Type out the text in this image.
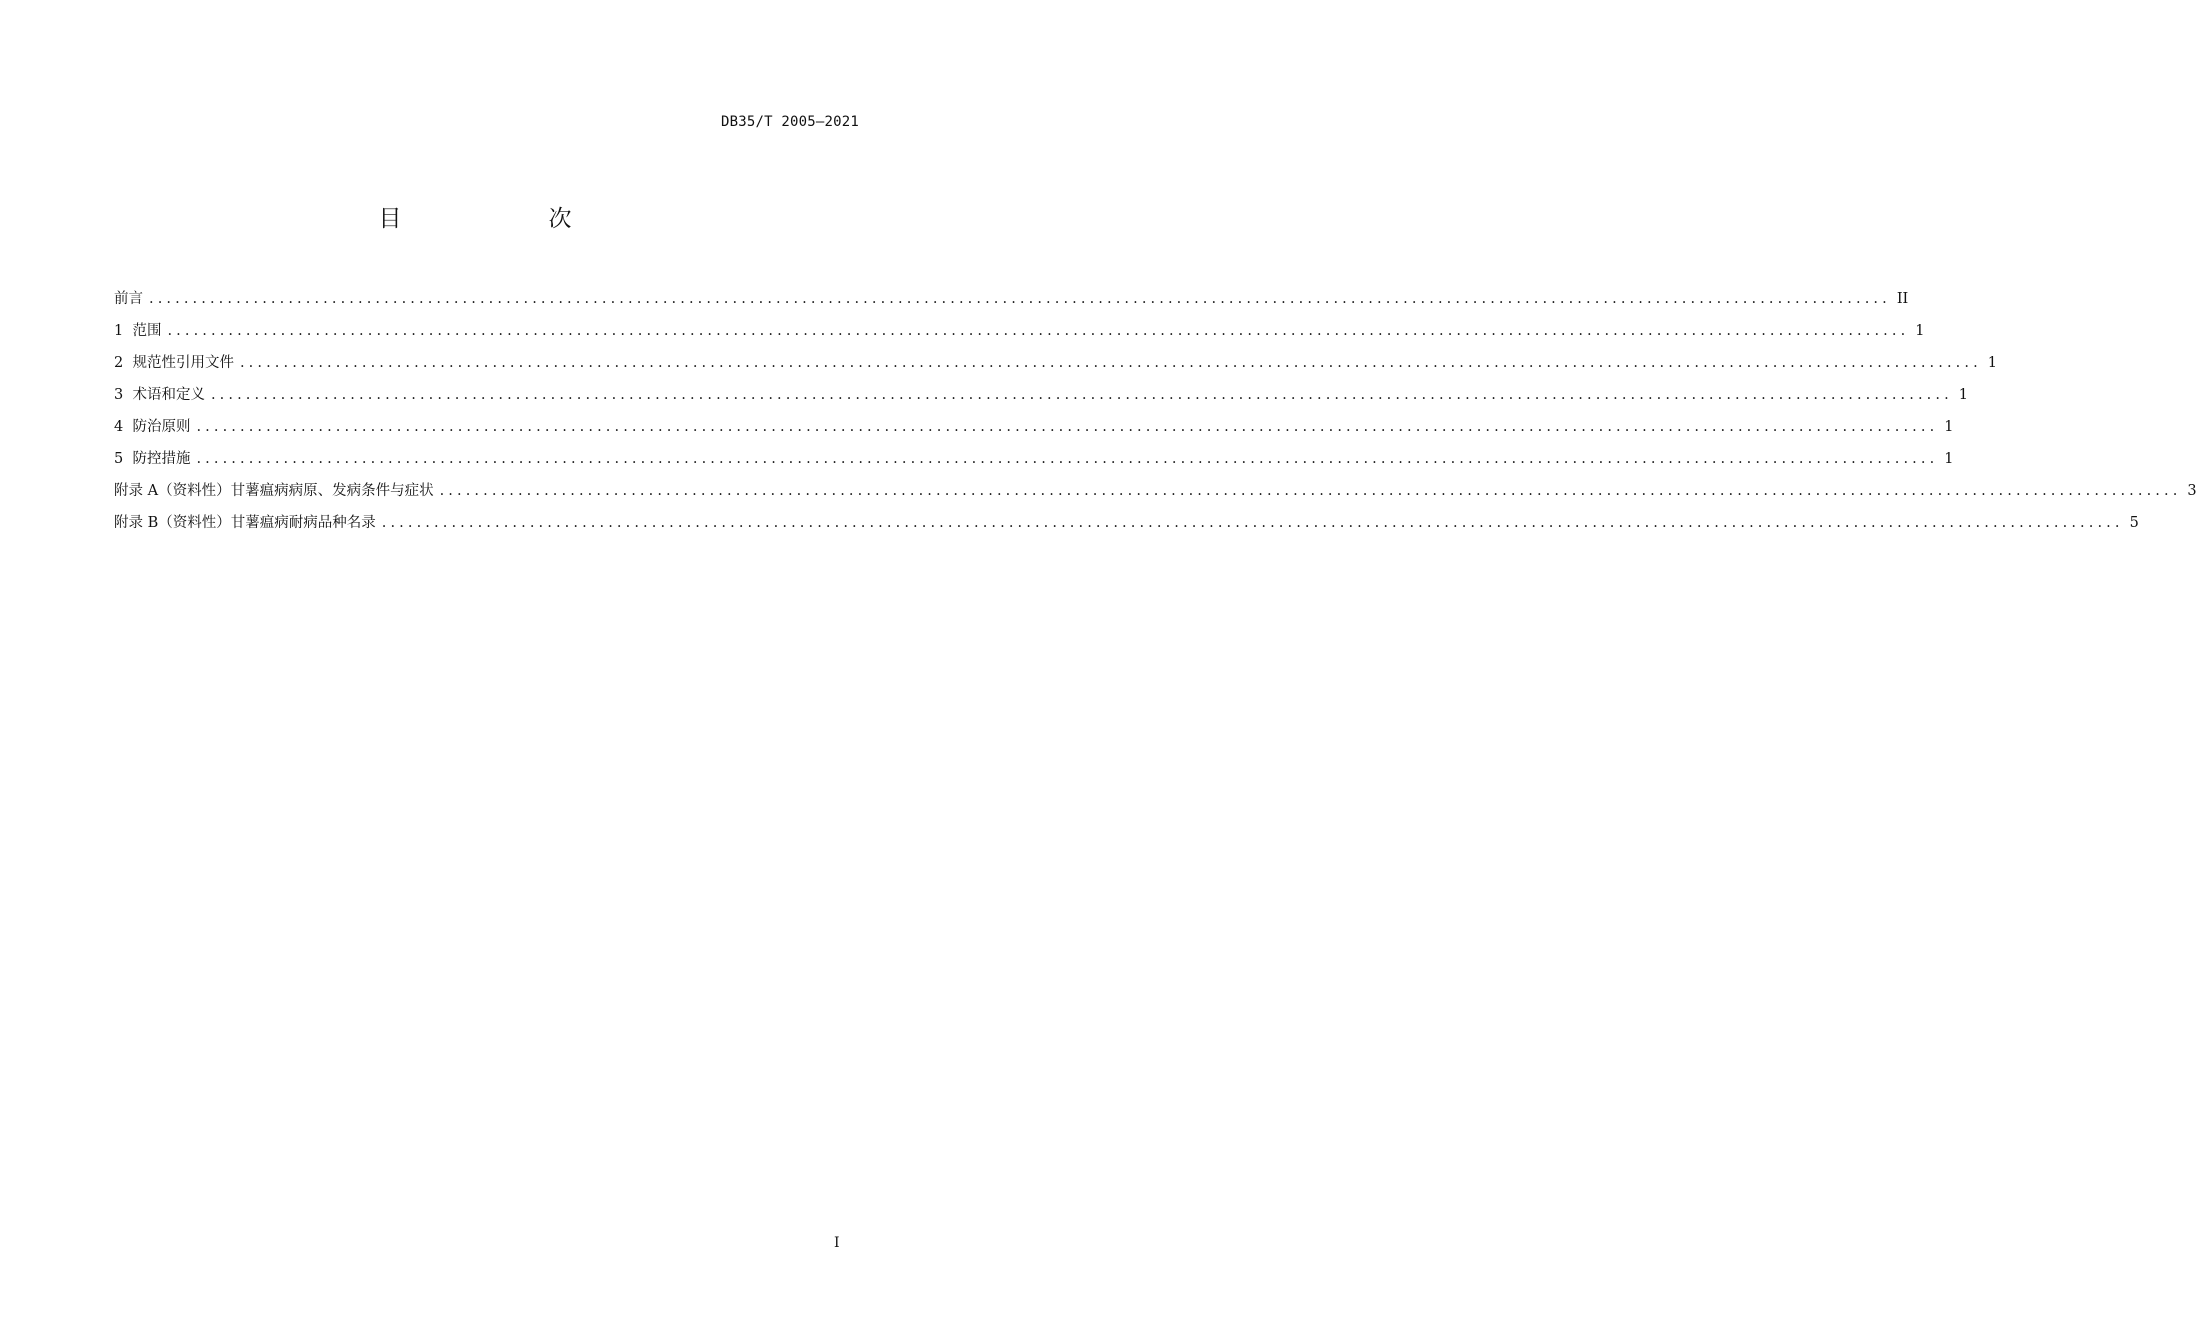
DB35/T 2005—2021
目　次
前言 ........................................................................................................................................................................................................ II
1 范围 ........................................................................................................................................................................................................ 1
2 规范性引用文件 ........................................................................................................................................................................................................ 1
3 术语和定义 ........................................................................................................................................................................................................ 1
4 防治原则 ........................................................................................................................................................................................................ 1
5 防控措施 ........................................................................................................................................................................................................ 1
附录 A（资料性） 甘薯瘟病病原、发病条件与症状 ........................................................................................................................................................................................................ 3
附录 B（资料性） 甘薯瘟病耐病品种名录 ........................................................................................................................................................................................................ 5
I
